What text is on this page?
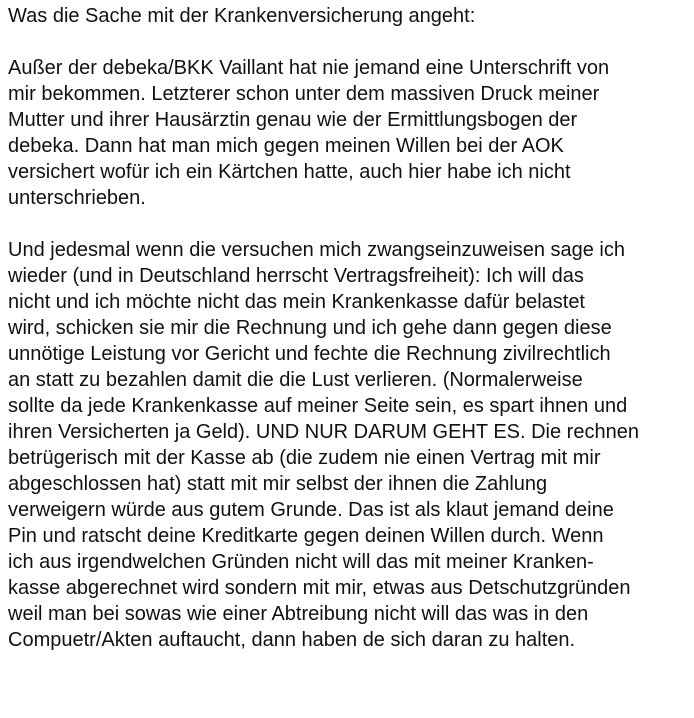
Was die Sache mit der Krankenversicherung angeht:
Außer der debeka/BKK Vaillant hat nie jemand eine Unterschrift von
mir bekommen. Letzterer schon unter dem massiven Druck meiner
Mutter und ihrer Hausärztin genau wie der Ermittlungsbogen der
debeka. Dann hat man mich gegen meinen Willen bei der AOK
versichert wofür ich ein Kärtchen hatte, auch hier habe ich nicht
unterschrieben.
Und jedesmal wenn die versuchen mich zwangseinzuweisen sage ich
wieder (und in Deutschland herrscht Vertragsfreiheit): Ich will das
nicht und ich möchte nicht das mein Krankenkasse dafür belastet
wird, schicken sie mir die Rechnung und ich gehe dann gegen diese
unnötige Leistung vor Gericht und fechte die Rechnung zivilrechtlich
an statt zu bezahlen damit die die Lust verlieren. (Normalerweise
sollte da jede Krankenkasse auf meiner Seite sein, es spart ihnen und
ihren Versicherten ja Geld). UND NUR DARUM GEHT ES. Die rechnen
betrügerisch mit der Kasse ab (die zudem nie einen Vertrag mit mir
abgeschlossen hat) statt mit mir selbst der ihnen die Zahlung
verweigern würde aus gutem Grunde. Das ist als klaut jemand deine
Pin und ratscht deine Kreditkarte gegen deinen Willen durch. Wenn
ich aus irgendwelchen Gründen nicht will das mit meiner Kranken-
kasse abgerechnet wird sondern mit mir, etwas aus Detschutzgründen
weil man bei sowas wie einer Abtreibung nicht will das was in den
Compuetr/Akten auftaucht, dann haben de sich daran zu halten.
